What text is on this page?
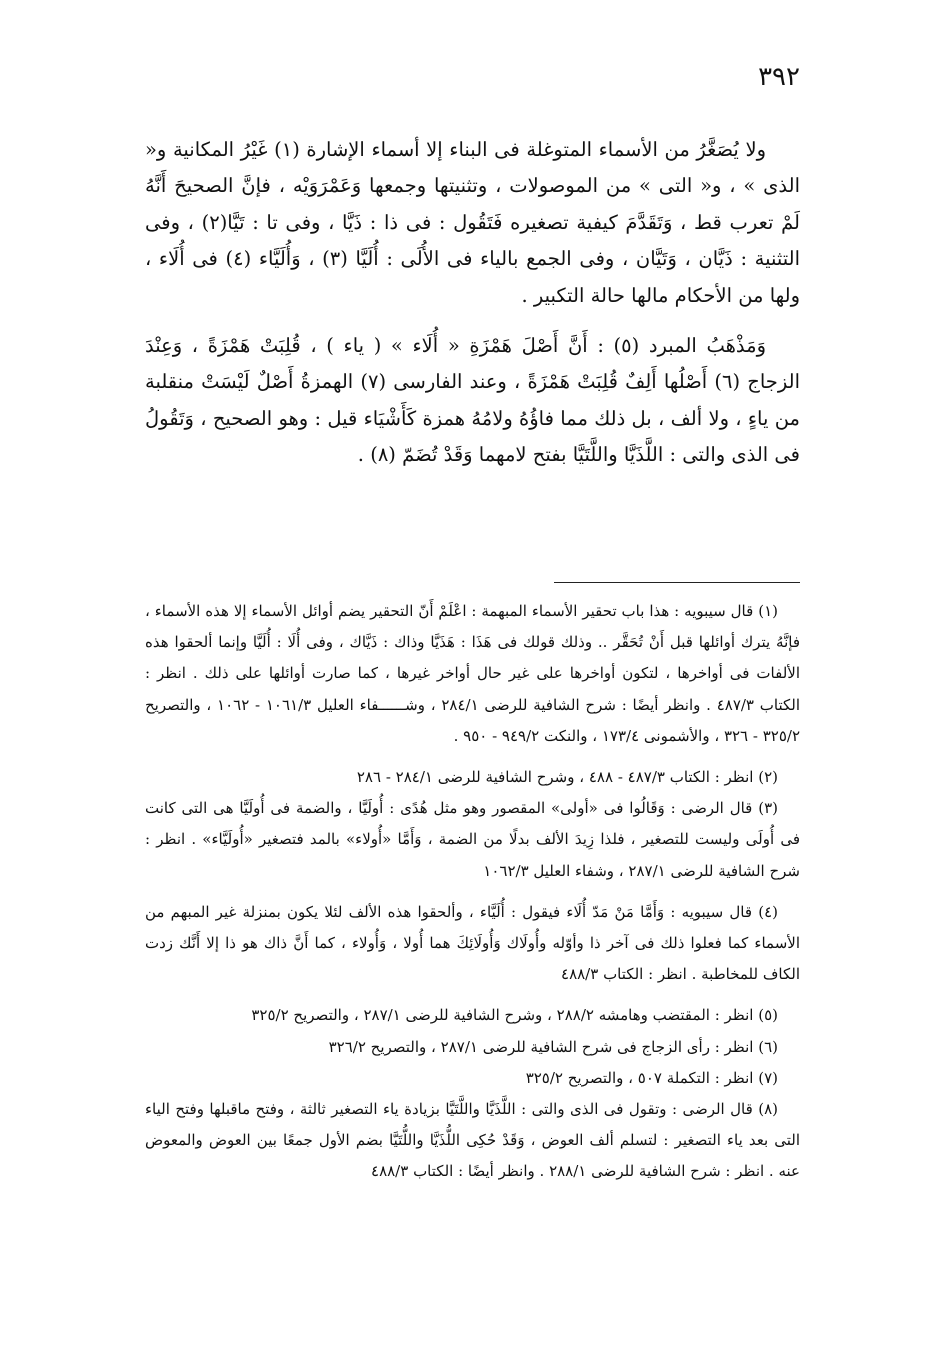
٣٩٢

ولا يُصَغَّرُ من الأسماء المتوغلة فى البناء إلا أسماء الإشارة (١) غَيْرُ المكانية و« الذى » ، و« التى » من الموصولات ، وتثنيتها وجمعها وَعَمْرَوَيْه ، فإنَّ الصحيحَ أَنَّهُ لَمْ تعرب قط ، وَتَقَدَّمَ كيفية تصغيره فَتَقُول : فى ذا : ذَيَّا ، وفى تا : تَيَّا(٢) ، وفى التثنية : ذَيَّان ، وَتَيَّان ، وفى الجمع بالياء فى الأُلَى : أُلَيَّا (٣) ، وَأُلَيَّاء (٤) فى أُلَاء ، ولها من الأحكام مالها حالة التكبير .

وَمَذْهَبُ المبرد (٥) : أَنَّ أَصْلَ هَمْزَةِ « أُلَاء » ( ياء ) ، قُلِبَتْ هَمْزَةً ، وَعِنْدَ الزجاج (٦) أَصْلُها أَلِفٌ قُلِبَتْ هَمْزَةً ، وعند الفارسى (٧) الهمزةُ أَصْلٌ لَيْسَتْ منقلبة من ياءٍ ، ولا ألف ، بل ذلك مما فاؤُهُ ولامُهُ همزة كَأَشْيَاء قيل : وهو الصحيح ، وَتَقُولُ فى الذى والتى : اللَّذَيَّا واللَّتَيَّا بفتح لامهما وَقَدْ تُضَمّ (٨) .

(١) قال سيبويه : هذا باب تحقير الأسماء المبهمة : اعْلَمْ أَنّ التحقير يضم أوائل الأسماء إلا هذه الأسماء ، فإنَّهُ يترك أوائلها قبل أَنْ تُحَقَّر .. وذلك قولك فى هَذَا : هَذَيَّا وذاك : ذَيَّاك ، وفى أُلَا : أُلَيَّا وإنما ألحقوا هذه الألفات فى أواخرها ، لتكون أواخرها على غير حال أواخر غيرها ، كما صارت أوائلها على ذلك . انظر : الكتاب ٤٨٧/٣ . وانظر أيضًا : شرح الشافية للرضى ٢٨٤/١ ، وشــــــفاء العليل ١٠٦١/٣ - ١٠٦٢ ، والتصريح ٣٢٥/٢ - ٣٢٦ ، والأشمونى ١٧٣/٤ ، والنكت ٩٤٩/٢ - ٩٥٠ .

(٢) انظر : الكتاب ٤٨٧/٣ - ٤٨٨ ، وشرح الشافية للرضى ٢٨٤/١ - ٢٨٦

(٣) قال الرضى : وَقَالُوا فى «أولى» المقصور وهو مثل هُدًى : أُولَيَّا ، والضمة فى أُولَيَّا هى التى كانت فى أُولَى وليست للتصغير ، فلذا زِيدَ الألف بدلًا من الضمة ، وَأَمَّا «أُولاء» بالمد فتصغير «أُولَيَّاء» . انظر : شرح الشافية للرضى ٢٨٧/١ ، وشفاء العليل ١٠٦٢/٣

(٤) قال سيبويه : وَأَمَّا مَنْ مَدّ أُلَاء فيقول : أُلَيَّاء ، وألحقوا هذه الألف لئلا يكون بمنزلة غير المبهم من الأسماء كما فعلوا ذلك فى آخر ذا وأوّله وأُولَاك وَأُولَائِكَ هما أُولا ، وَأُولاء ، كما أَنَّ ذاك هو ذا إلا أَنَّك زدت الكاف للمخاطبة . انظر : الكتاب ٤٨٨/٣

(٥) انظر : المقتضب وهامشه ٢٨٨/٢ ، وشرح الشافية للرضى ٢٨٧/١ ، والتصريح ٣٢٥/٢

(٦) انظر : رأى الزجاج فى شرح الشافية للرضى ٢٨٧/١ ، والتصريح ٣٢٦/٢

(٧) انظر : التكملة ٥٠٧ ، والتصريح ٣٢٥/٢

(٨) قال الرضى : وتقول فى الذى والتى : اللَّذَيَّا واللَّتَيَّا بزيادة ياء التصغير ثالثة ، وفتح ماقبلها وفتح الياء التى بعد ياء التصغير : لتسلم ألف العوض ، وَقَدْ حُكِى اللُّذَيَّا واللُّتَيَّا بضم الأول جمعًا بين العوض والمعوض عنه . انظر : شرح الشافية للرضى ٢٨٨/١ . وانظر أيضًا : الكتاب ٤٨٨/٣
